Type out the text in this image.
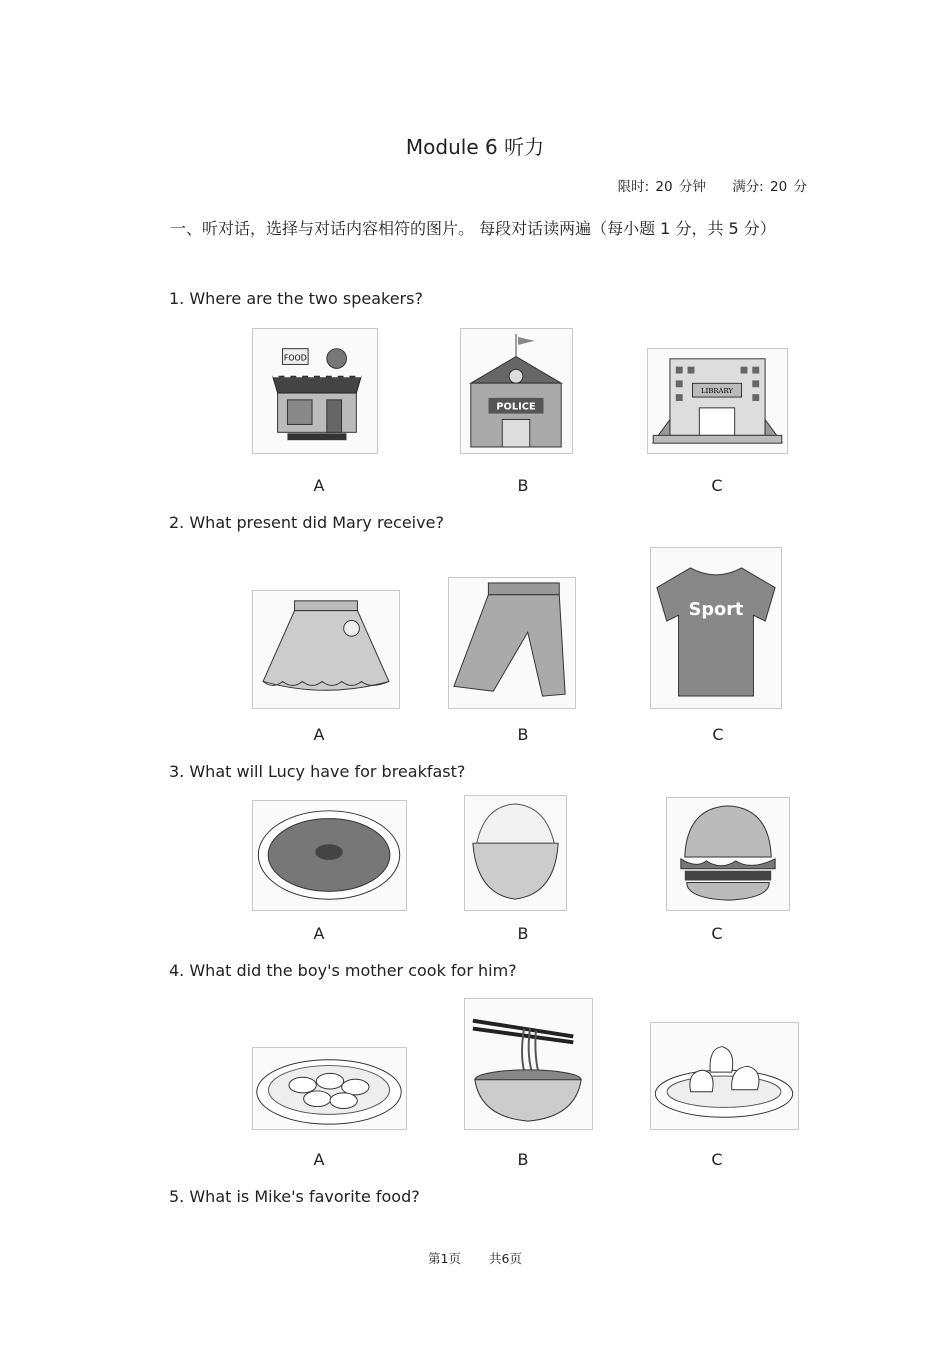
Module 6 听力
限时: 20 分钟 满分: 20 分
一、听对话，选择与对话内容相符的图片。 每段对话读两遍（每小题 1 分，共 5 分）
1. Where are the two speakers?
FOOD
POLICE
LIBRARY
A	B	C
2. What present did Mary receive?
Sport
A	B	C
3. What will Lucy have for breakfast?
A	B	C
4. What did the boy's mother cook for him?
A	B	C
5. What is Mike's favorite food?
第1页 共6页
